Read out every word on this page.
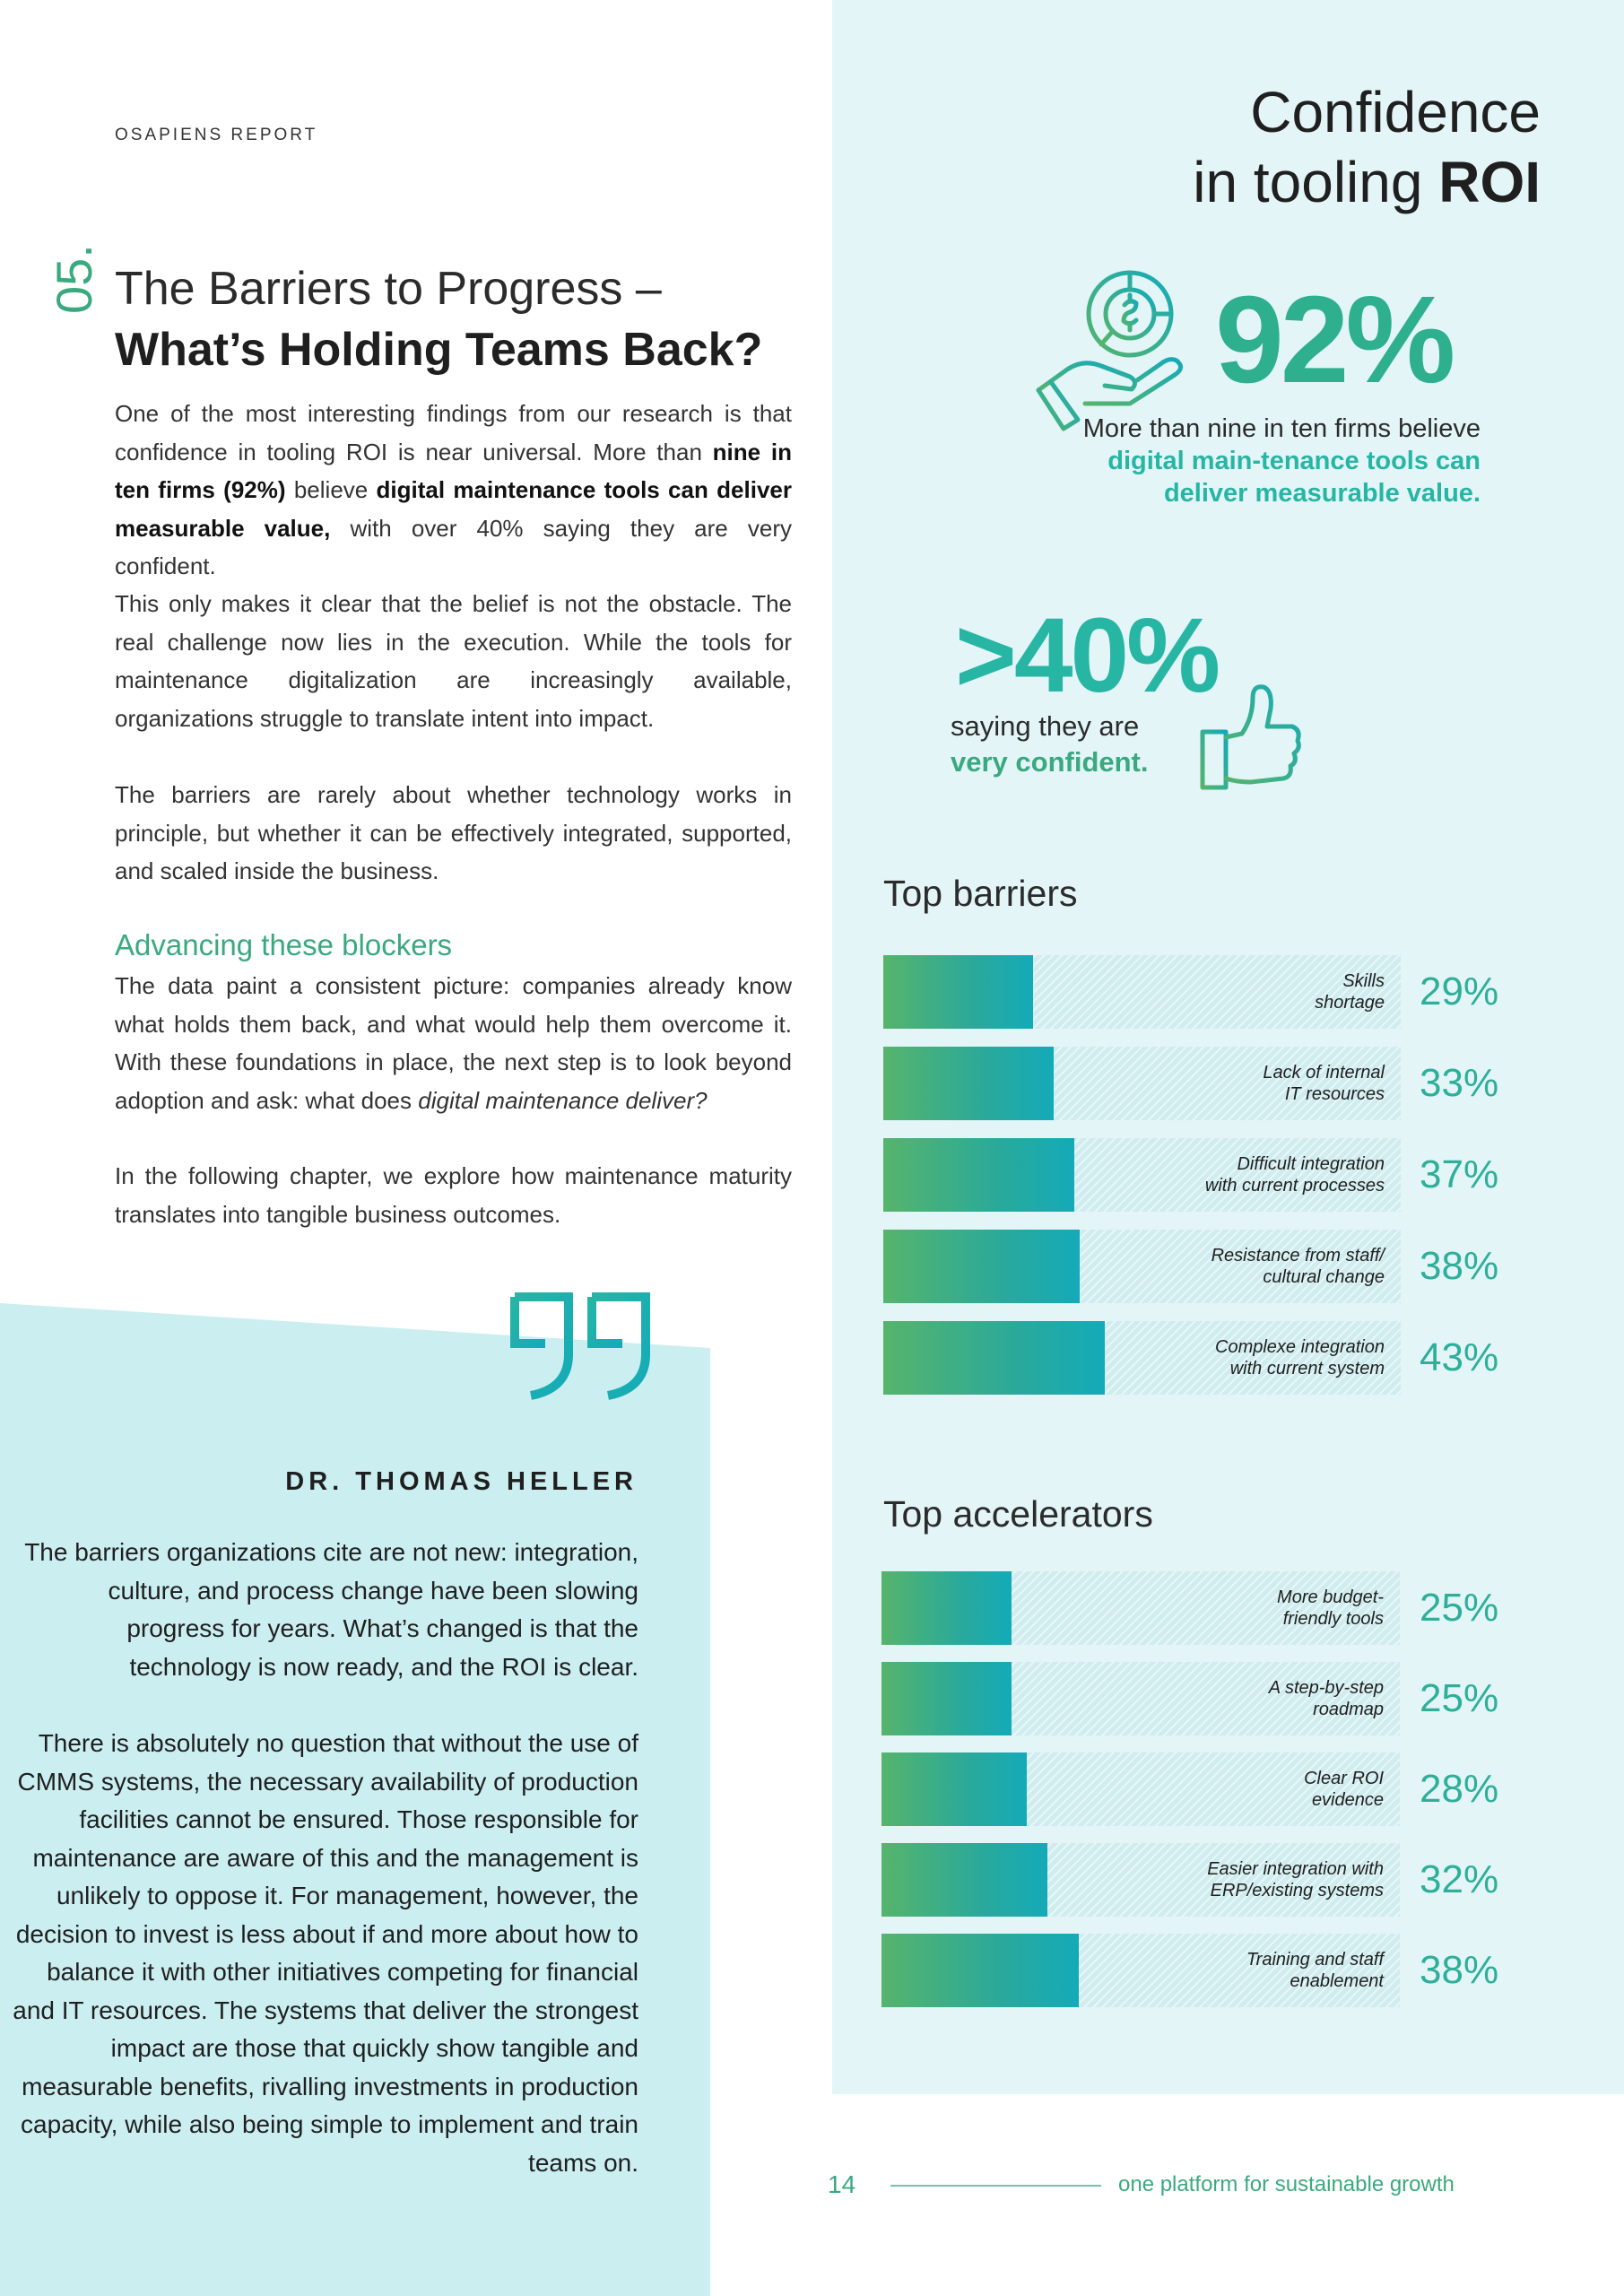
OSAPIENS REPORT
05. The Barriers to Progress –
What’s Holding Teams Back?
One of the most interesting findings from our research is that confidence in tooling ROI is near universal. More than nine in ten firms (92%) believe digital maintenance tools can deliver measurable value, with over 40% saying they are very confident.
This only makes it clear that the belief is not the obstacle. The real challenge now lies in the execution. While the tools for maintenance digitalization are increasingly available, organizations struggle to translate intent into impact.
The barriers are rarely about whether technology works in principle, but whether it can be effectively integrated, supported, and scaled inside the business.
Advancing these blockers
The data paint a consistent picture: companies already know what holds them back, and what would help them overcome it. With these foundations in place, the next step is to look beyond adoption and ask: what does digital maintenance deliver?
In the following chapter, we explore how maintenance maturity translates into tangible business outcomes.
Confidence
in tooling ROI
92%
More than nine in ten firms believe digital main-tenance tools can deliver measurable value.
>40%
saying they are
very confident.
Top barriers
Skills
shortage 29%
Lack of internal
IT resources 33%
Difficult integration
with current processes 37%
Resistance from staff/
cultural change 38%
Complexe integration
with current system 43%
Top accelerators
More budget-
friendly tools 25%
A step-by-step
roadmap 25%
Clear ROI
evidence 28%
Easier integration with
ERP/existing systems 32%
Training and staff
enablement 38%
DR. THOMAS HELLER
The barriers organizations cite are not new: integration, culture, and process change have been slowing progress for years. What’s changed is that the technology is now ready, and the ROI is clear.
There is absolutely no question that without the use of CMMS systems, the necessary availability of production facilities cannot be ensured. Those responsible for maintenance are aware of this and the management is unlikely to oppose it. For management, however, the decision to invest is less about if and more about how to balance it with other initiatives competing for financial and IT resources. The systems that deliver the strongest impact are those that quickly show tangible and measurable benefits, rivalling investments in production capacity, while also being simple to implement and train teams on.
14	one platform for sustainable growth
